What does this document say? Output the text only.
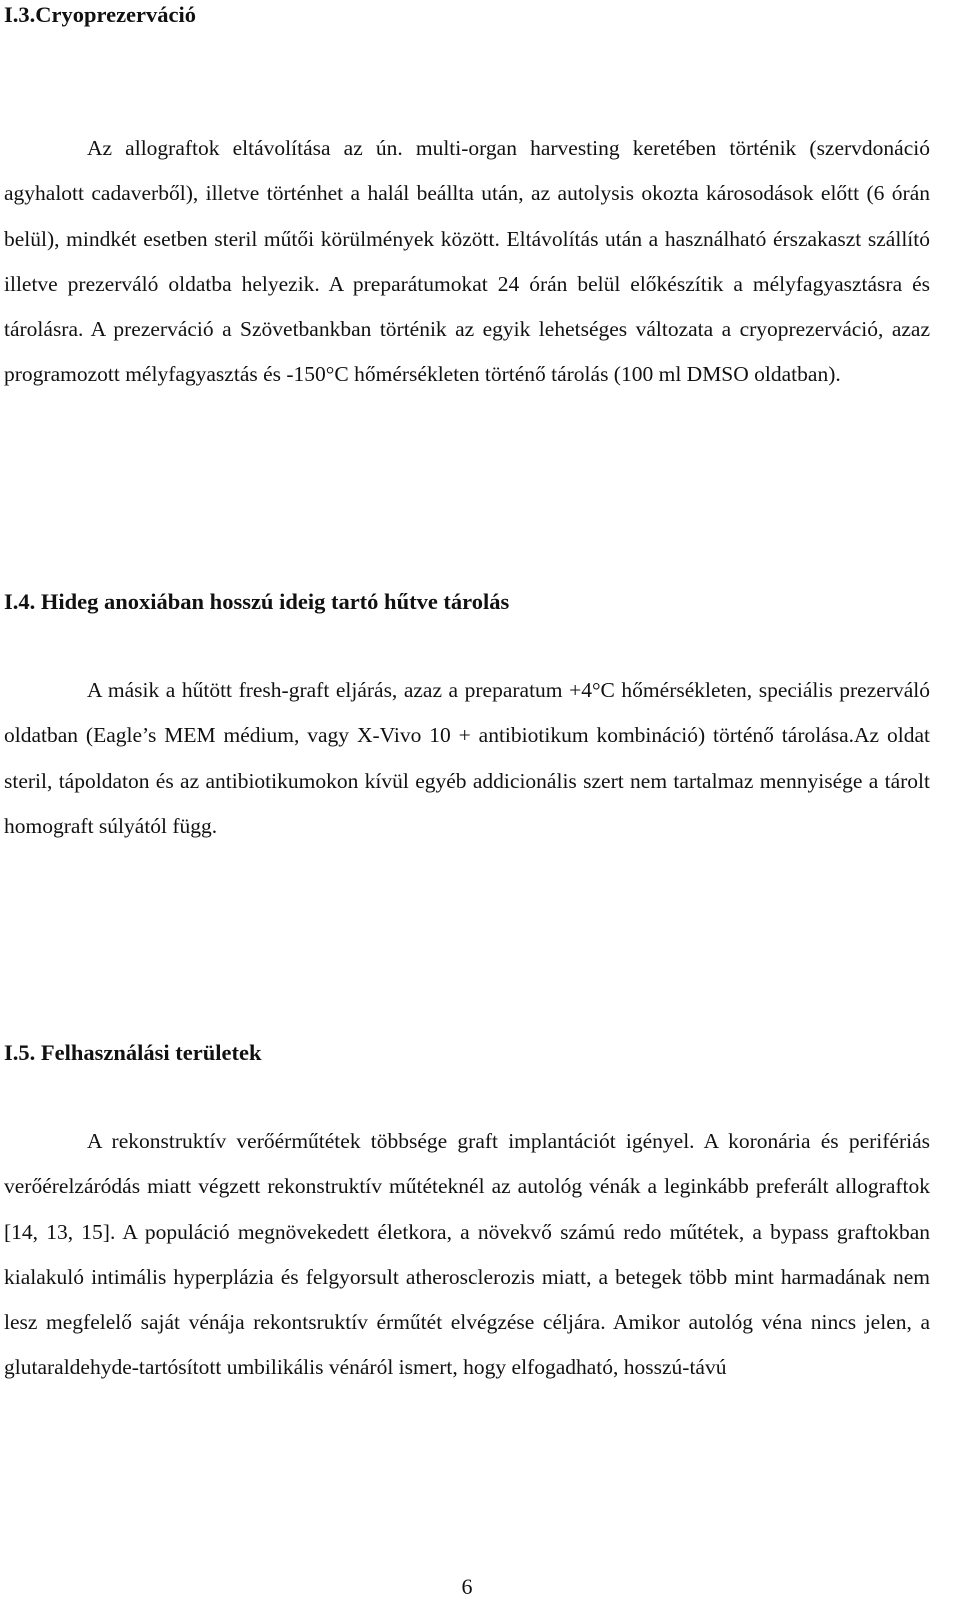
I.3.Cryoprezerváció

Az allograftok eltávolítása az ún. multi-organ harvesting keretében történik (szervdonáció agyhalott cadaverből), illetve történhet a halál beállta után, az autolysis okozta károsodások előtt (6 órán belül), mindkét esetben steril műtői körülmények között. Eltávolítás után a használható érszakaszt szállító illetve prezerváló oldatba helyezik. A preparátumokat 24 órán belül előkészítik a mélyfagyasztásra és tárolásra. A prezerváció a Szövetbankban történik az egyik lehetséges változata a cryoprezerváció, azaz programozott mélyfagyasztás és -150°C hőmérsékleten történő tárolás (100 ml DMSO oldatban).

I.4. Hideg anoxiában hosszú ideig tartó hűtve tárolás

A másik a hűtött fresh-graft eljárás, azaz a preparatum +4°C hőmérsékleten, speciális prezerváló oldatban (Eagle’s MEM médium, vagy X-Vivo 10 + antibiotikum kombináció) történő tárolása.Az oldat steril, tápoldaton és az antibiotikumokon kívül egyéb addicionális szert nem tartalmaz mennyisége a tárolt homograft súlyától függ.

I.5. Felhasználási területek

A rekonstruktív verőérműtétek többsége graft implantációt igényel. A koronária és perifériás verőérelzáródás miatt végzett rekonstruktív műtéteknél az autológ vénák a leginkább preferált allograftok [14, 13, 15]. A populáció megnövekedett életkora, a növekvő számú redo műtétek, a bypass graftokban kialakuló intimális hyperplázia és felgyorsult atherosclerozis miatt, a betegek több mint harmadának nem lesz megfelelő saját vénája rekontsruktív érműtét elvégzése céljára. Amikor autológ véna nincs jelen, a glutaraldehyde-tartósított umbilikális vénáról ismert, hogy elfogadható, hosszú-távú

6
